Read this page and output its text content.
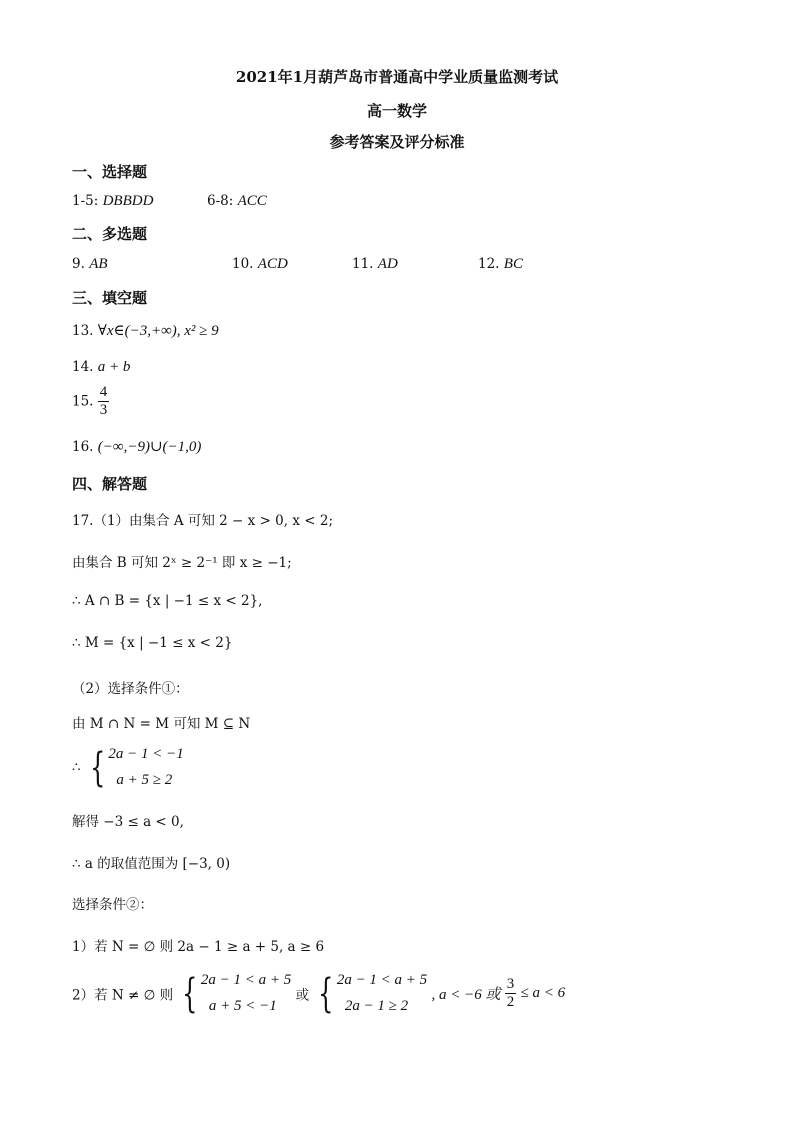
2021年1月葫芦岛市普通高中学业质量监测考试
高一数学
参考答案及评分标准
一、选择题
1-5: DBBDD	6-8: ACC
二、多选题
9. AB	10. ACD	11. AD	12. BC
三、填空题
13. ∀x∈(−3,+∞), x² ≥ 9
14. a + b
15. $\frac{4}{3}$
16. (−∞,−9)∪(−1,0)
四、解答题
17.（1）由集合 A 可知 2 − x > 0, x < 2;
由集合 B 可知 2ˣ ≥ 2⁻¹ 即 x ≥ −1;
∴ A ∩ B = {x | −1 ≤ x < 2},
∴ M = {x | −1 ≤ x < 2}
（2）选择条件①：
由 M ∩ N = M 可知 M ⊆ N
∴ { 2a − 1 < −1
a + 5 ≥ 2
解得 −3 ≤ a < 0,
∴ a 的取值范围为 [−3, 0)
选择条件②：
1）若 N = ∅ 则 2a − 1 ≥ a + 5, a ≥ 6
2）若 N ≠ ∅ 则 { 2a − 1 < a + 5
a + 5 < −1
或 { 2a − 1 < a + 5
2a − 1 ≥ 2
, a < −6 或 $\frac{3}{2} \le a < 6$
